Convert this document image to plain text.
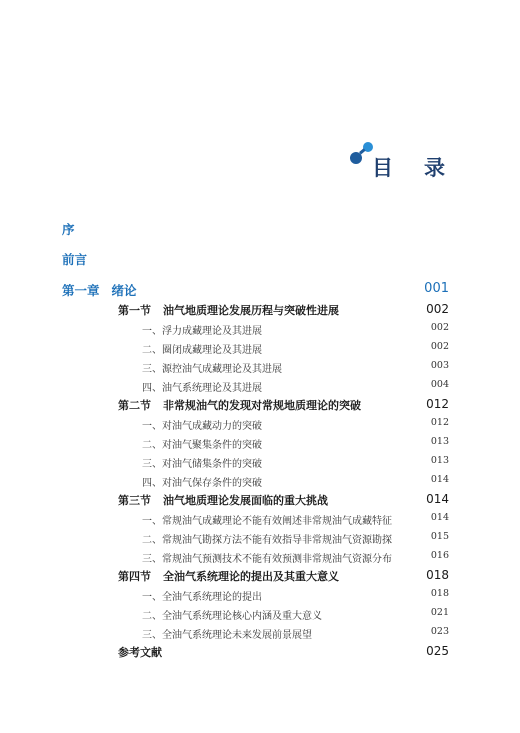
目 录
序
前言
第一章 绪论	001
第一节 油气地质理论发展历程与突破性进展	002
一、浮力成藏理论及其进展	002
二、圈闭成藏理论及其进展	002
三、源控油气成藏理论及其进展	003
四、油气系统理论及其进展	004
第二节 非常规油气的发现对常规地质理论的突破	012
一、对油气成藏动力的突破	012
二、对油气聚集条件的突破	013
三、对油气储集条件的突破	013
四、对油气保存条件的突破	014
第三节 油气地质理论发展面临的重大挑战	014
一、常规油气成藏理论不能有效阐述非常规油气成藏特征	014
二、常规油气勘探方法不能有效指导非常规油气资源勘探	015
三、常规油气预测技术不能有效预测非常规油气资源分布	016
第四节 全油气系统理论的提出及其重大意义	018
一、全油气系统理论的提出	018
二、全油气系统理论核心内涵及重大意义	021
三、全油气系统理论未来发展前景展望	023
参考文献	025
